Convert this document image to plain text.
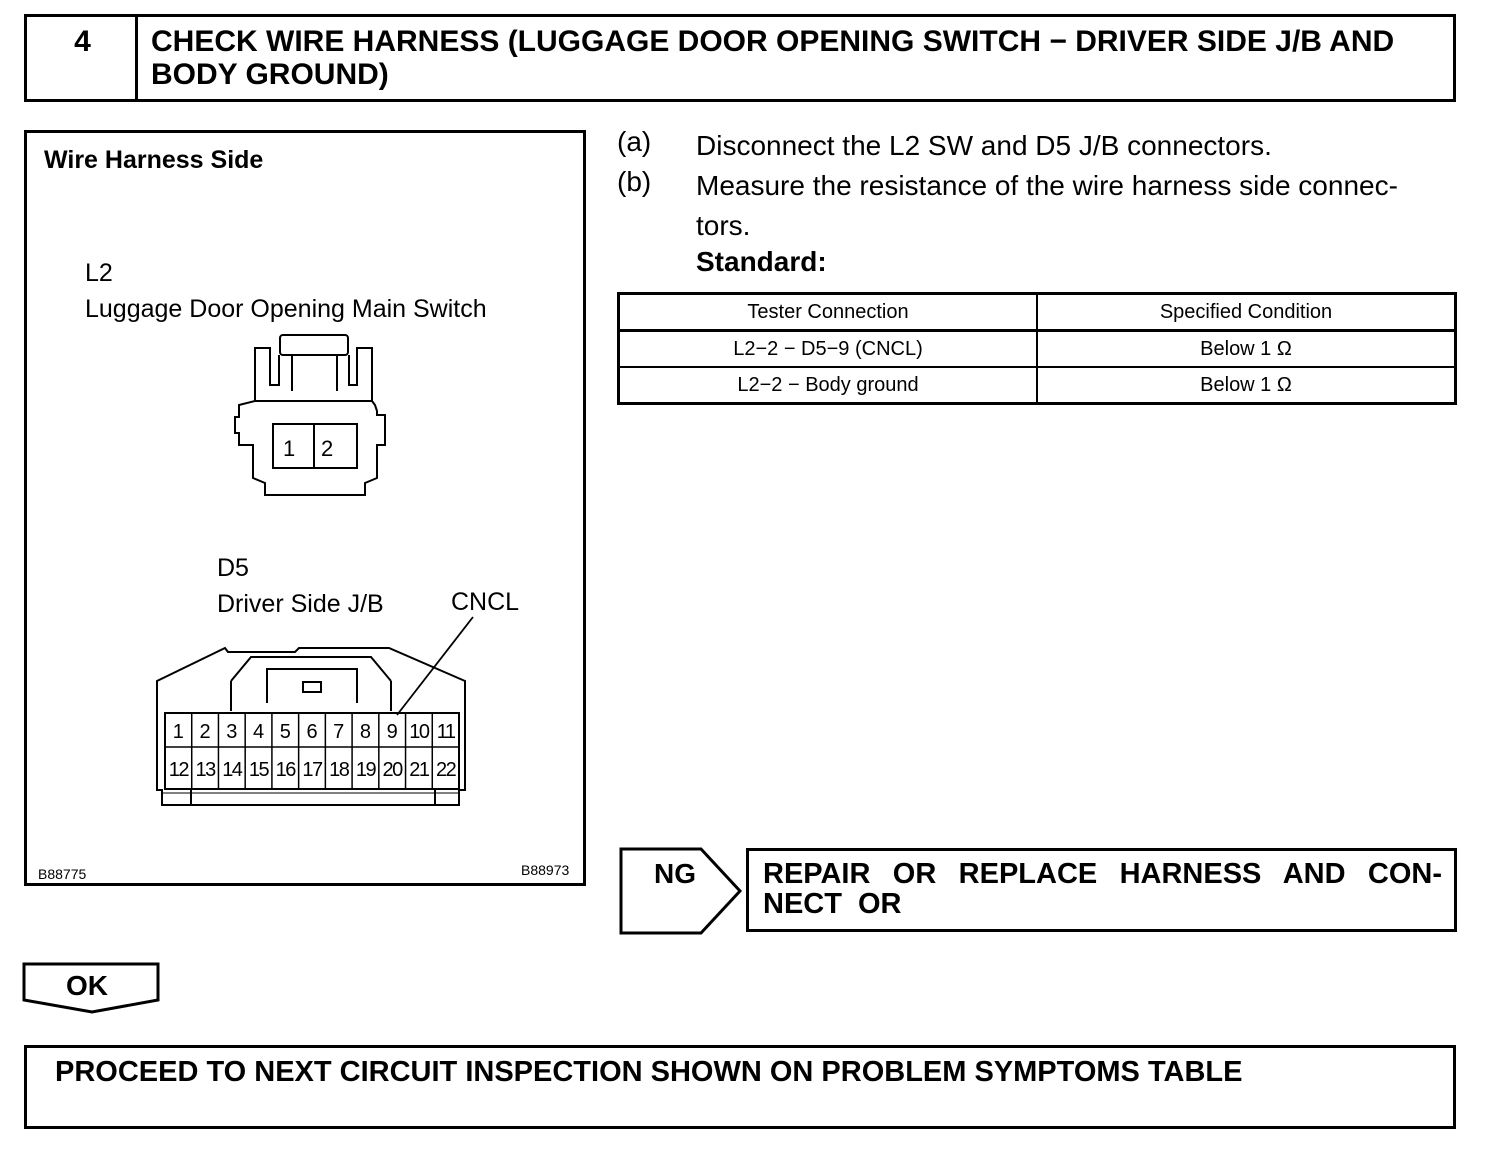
4	CHECK WIRE HARNESS (LUGGAGE DOOR OPENING SWITCH − DRIVER SIDE J/B AND BODY GROUND)
1 2 3 4 5 6 7 8 9 10 11
12 13 14 15 16 17 18 19 20 21 22
Wire Harness Side
L2
Luggage Door Opening Main Switch
1 2
D5
Driver Side J/B	CNCL
B88775	B88973
(a) Disconnect the L2 SW and D5 J/B connectors.
(b) Measure the resistance of the wire harness side connec- tors.
Standard:
Tester Connection	Specified Condition
L2−2 − D5−9 (CNCL)	Below 1 Ω
L2−2 − Body ground	Below 1 Ω
NG REPAIR OR REPLACE HARNESS AND CON- NECT OR
OK
PROCEED TO NEXT CIRCUIT INSPECTION SHOWN ON PROBLEM SYMPTOMS TABLE
